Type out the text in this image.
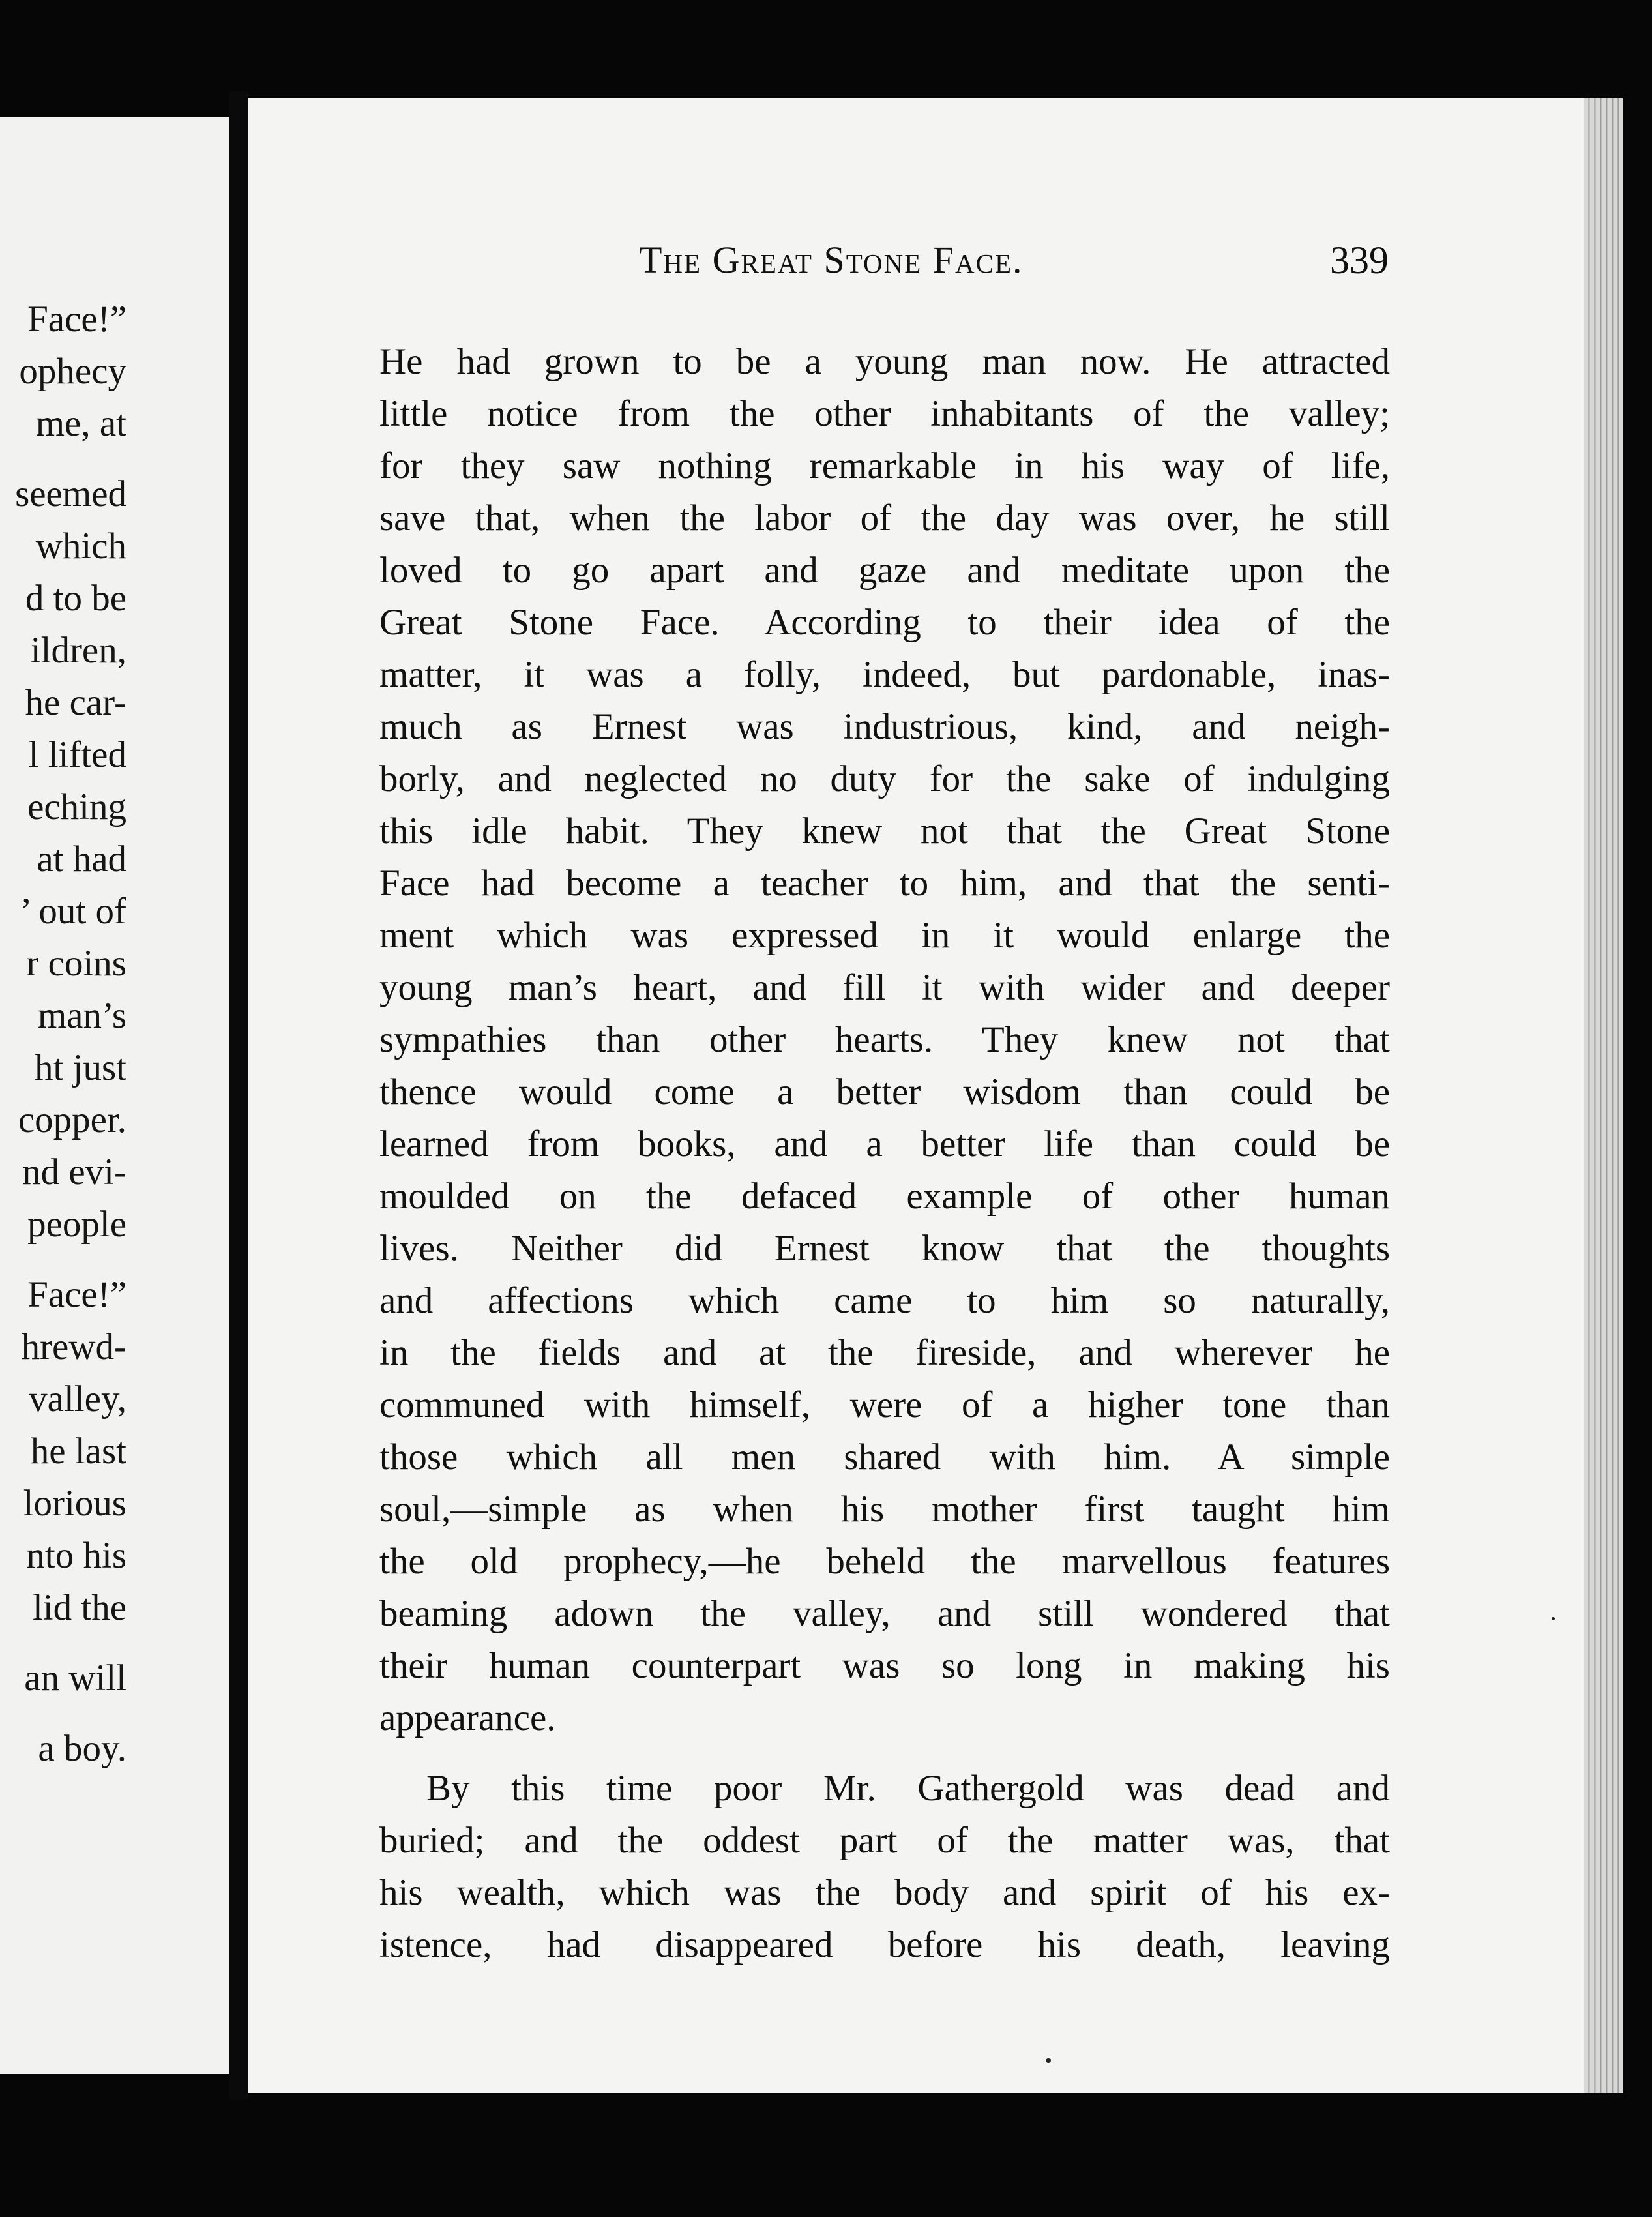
Face!”
ophecy
me, at
seemed
which
d to be
ildren,
he car-
l lifted
eching
at had
’ out of
r coins
man’s
ht just
copper.
nd evi-
people
Face!”
hrewd-
valley,
he last
lorious
nto his
lid the
an will
a boy.
The Great Stone Face.	339
He had grown to be a young man now. He attracted
little notice from the other inhabitants of the valley;
for they saw nothing remarkable in his way of life,
save that, when the labor of the day was over, he still
loved to go apart and gaze and meditate upon the
Great Stone Face. According to their idea of the
matter, it was a folly, indeed, but pardonable, inas-
much as Ernest was industrious, kind, and neigh-
borly, and neglected no duty for the sake of indulging
this idle habit. They knew not that the Great Stone
Face had become a teacher to him, and that the senti-
ment which was expressed in it would enlarge the
young man’s heart, and fill it with wider and deeper
sympathies than other hearts. They knew not that
thence would come a better wisdom than could be
learned from books, and a better life than could be
moulded on the defaced example of other human
lives. Neither did Ernest know that the thoughts
and affections which came to him so naturally,
in the fields and at the fireside, and wherever he
communed with himself, were of a higher tone than
those which all men shared with him. A simple
soul,—simple as when his mother first taught him
the old prophecy,—he beheld the marvellous features
beaming adown the valley, and still wondered that
their human counterpart was so long in making his
appearance.
By this time poor Mr. Gathergold was dead and
buried; and the oddest part of the matter was, that
his wealth, which was the body and spirit of his ex-
istence, had disappeared before his death, leaving
